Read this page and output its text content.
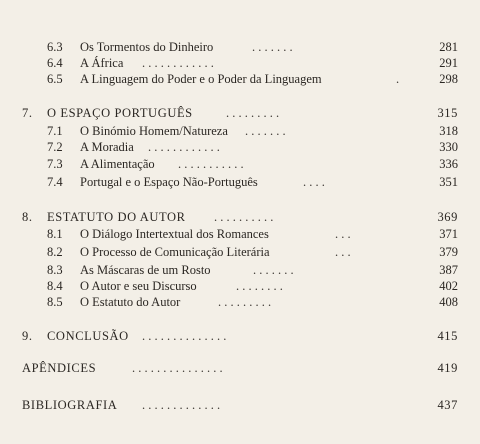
6.3 Os Tormentos do Dinheiro	. . . . . . .	281
6.4 A África . . . . . . . . . . . .	291
6.5 A Linguagem do Poder e o Poder da Linguagem	.	298
7. O ESPAÇO PORTUGUÊS	. . . . . . . . .	315
7.1 O Binómio Homem/Natureza . . . . . . .	318
7.2 A Moradia . . . . . . . . . . . .	330
7.3 A Alimentação . . . . . . . . . . .	336
7.4 Portugal e o Espaço Não-Português	. . . .	351
8. ESTATUTO DO AUTOR . . . . . . . . . .	369
8.1 O Diálogo Intertextual dos Romances	. . .	371
8.2 O Processo de Comunicação Literária	. . .	379
8.3 As Máscaras de um Rosto	. . . . . . .	387
8.4 O Autor e seu Discurso	. . . . . . . .	402
8.5 O Estatuto do Autor	. . . . . . . . .	408
9. CONCLUSÃO . . . . . . . . . . . . . .	415
APÊNDICES	. . . . . . . . . . . . . . .	419
BIBLIOGRAFIA . . . . . . . . . . . . .	437
